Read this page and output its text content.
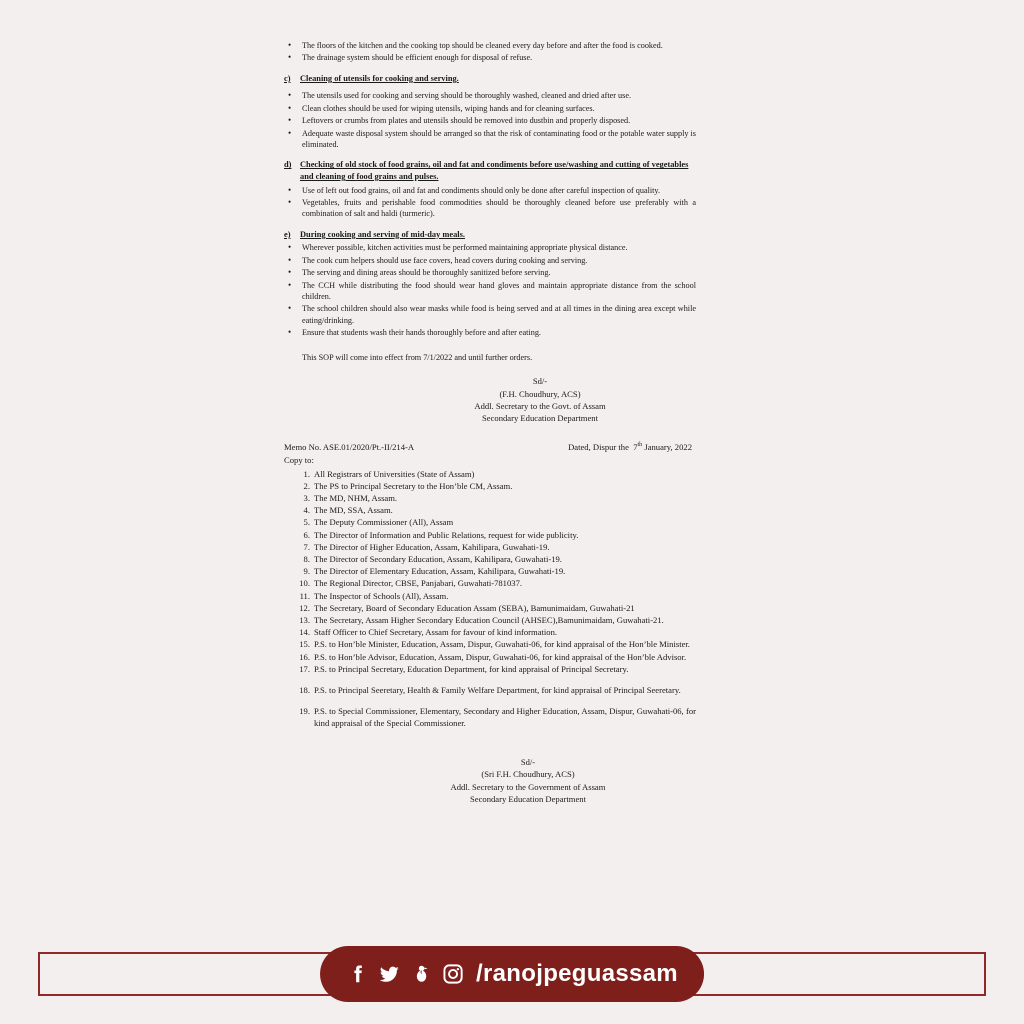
• The floors of the kitchen and the cooking top should be cleaned every day before and after the food is cooked.
• The drainage system should be efficient enough for disposal of refuse.
c)	Cleaning of utensils for cooking and serving.
• The utensils used for cooking and serving should be thoroughly washed, cleaned and dried after use.
• Clean clothes should be used for wiping utensils, wiping hands and for cleaning surfaces.
• Leftovers or crumbs from plates and utensils should be removed into dustbin and properly disposed.
• Adequate waste disposal system should be arranged so that the risk of contaminating food or the potable water supply is eliminated.
d)	Checking of old stock of food grains, oil and fat and condiments before use/washing and cutting of vegetables and cleaning of food grains and pulses.
• Use of left out food grains, oil and fat and condiments should only be done after careful inspection of quality.
• Vegetables, fruits and perishable food commodities should be thoroughly cleaned before use preferably with a combination of salt and haldi (turmeric).
e)	During cooking and serving of mid-day meals.
• Wherever possible, kitchen activities must be performed maintaining appropriate physical distance.
• The cook cum helpers should use face covers, head covers during cooking and serving.
• The serving and dining areas should be thoroughly sanitized before serving.
• The CCH while distributing the food should wear hand gloves and maintain appropriate distance from the school children.
• The school children should also wear masks while food is being served and at all times in the dining area except while eating/drinking.
• Ensure that students wash their hands thoroughly before and after eating.
This SOP will come into effect from 7/1/2022 and until further orders.
Sd/-
(F.H. Choudhury, ACS)
Addl. Secretary to the Govt. of Assam
Secondary Education Department
Memo No. ASE.01/2020/Pt.-II/214-A	Dated, Dispur the 7th January, 2022
Copy to:
1. All Registrars of Universities (State of Assam)
2. The PS to Principal Secretary to the Hon’ble CM, Assam.
3. The MD, NHM, Assam.
4. The MD, SSA, Assam.
5. The Deputy Commissioner (All), Assam
6. The Director of Information and Public Relations, request for wide publicity.
7. The Director of Higher Education, Assam, Kahilipara, Guwahati-19.
8. The Director of Secondary Education, Assam, Kahilipara, Guwahati-19.
9. The Director of Elementary Education, Assam, Kahilipara, Guwahati-19.
10. The Regional Director, CBSE, Panjabari, Guwahati-781037.
11. The Inspector of Schools (All), Assam.
12. The Secretary, Board of Secondary Education Assam (SEBA), Bamunimaidam, Guwahati-21
13. The Secretary, Assam Higher Secondary Education Council (AHSEC),Bamunimaidam, Guwahati-21.
14. Staff Officer to Chief Secretary, Assam for favour of kind information.
15. P.S. to Hon’ble Minister, Education, Assam, Dispur, Guwahati-06, for kind appraisal of the Hon’ble Minister.
16. P.S. to Hon’ble Advisor, Education, Assam, Dispur, Guwahati-06, for kind appraisal of the Hon’ble Advisor.
17. P.S. to Principal Secretary, Education Department, for kind appraisal of Principal Secretary.
18. P.S. to Principal Seeretary, Health & Family Welfare Department, for kind appraisal of Principal Seeretary.
19. P.S. to Special Commissioner, Elementary, Secondary and Higher Education, Assam, Dispur, Guwahati-06, for kind appraisal of the Special Commissioner.
Sd/-
(Sri F.H. Choudhury, ACS)
Addl. Secretary to the Government of Assam
Secondary Education Department
/ranojpeguassam
